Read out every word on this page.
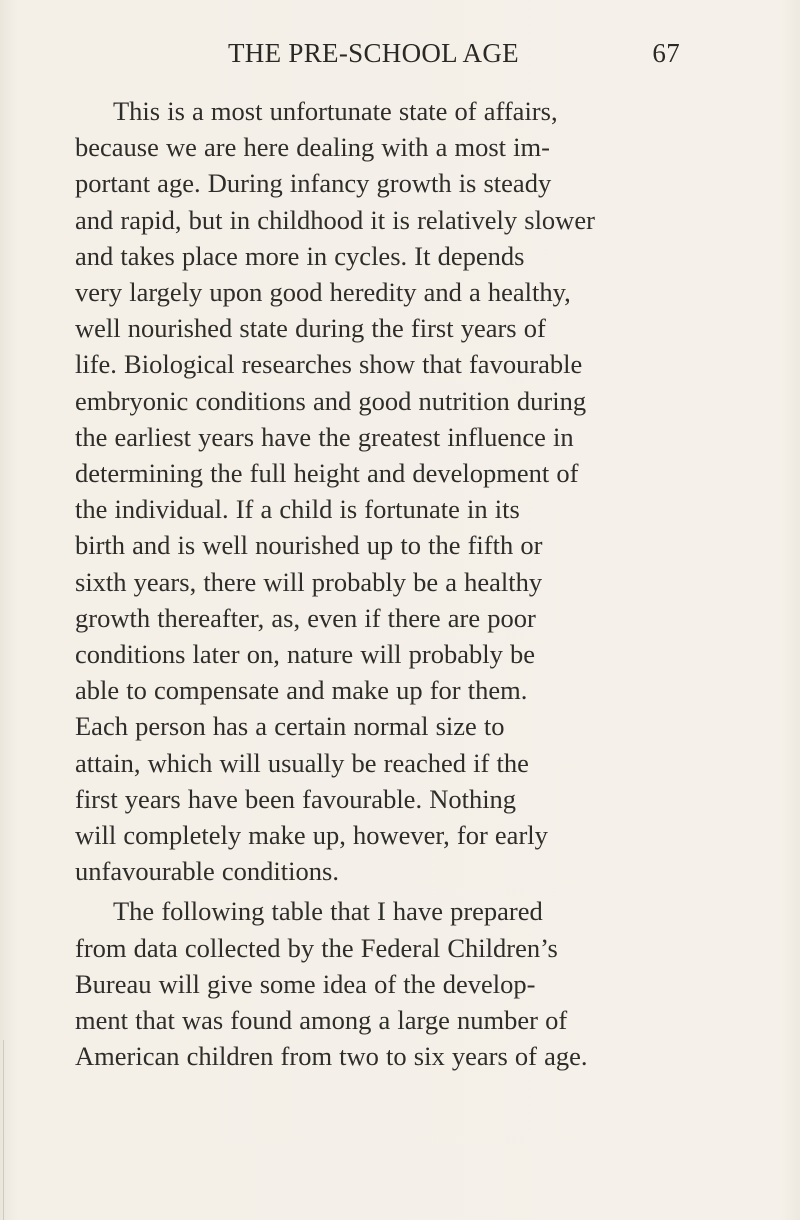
THE PRE-SCHOOL AGE	67

This is a most unfortunate state of affairs,
because we are here dealing with a most im-
portant age. During infancy growth is steady
and rapid, but in childhood it is relatively slower
and takes place more in cycles. It depends
very largely upon good heredity and a healthy,
well nourished state during the first years of
life. Biological researches show that favourable
embryonic conditions and good nutrition during
the earliest years have the greatest influence in
determining the full height and development of
the individual. If a child is fortunate in its
birth and is well nourished up to the fifth or
sixth years, there will probably be a healthy
growth thereafter, as, even if there are poor
conditions later on, nature will probably be
able to compensate and make up for them.
Each person has a certain normal size to
attain, which will usually be reached if the
first years have been favourable. Nothing
will completely make up, however, for early
unfavourable conditions.

The following table that I have prepared
from data collected by the Federal Children’s
Bureau will give some idea of the develop-
ment that was found among a large number of
American children from two to six years of age.
